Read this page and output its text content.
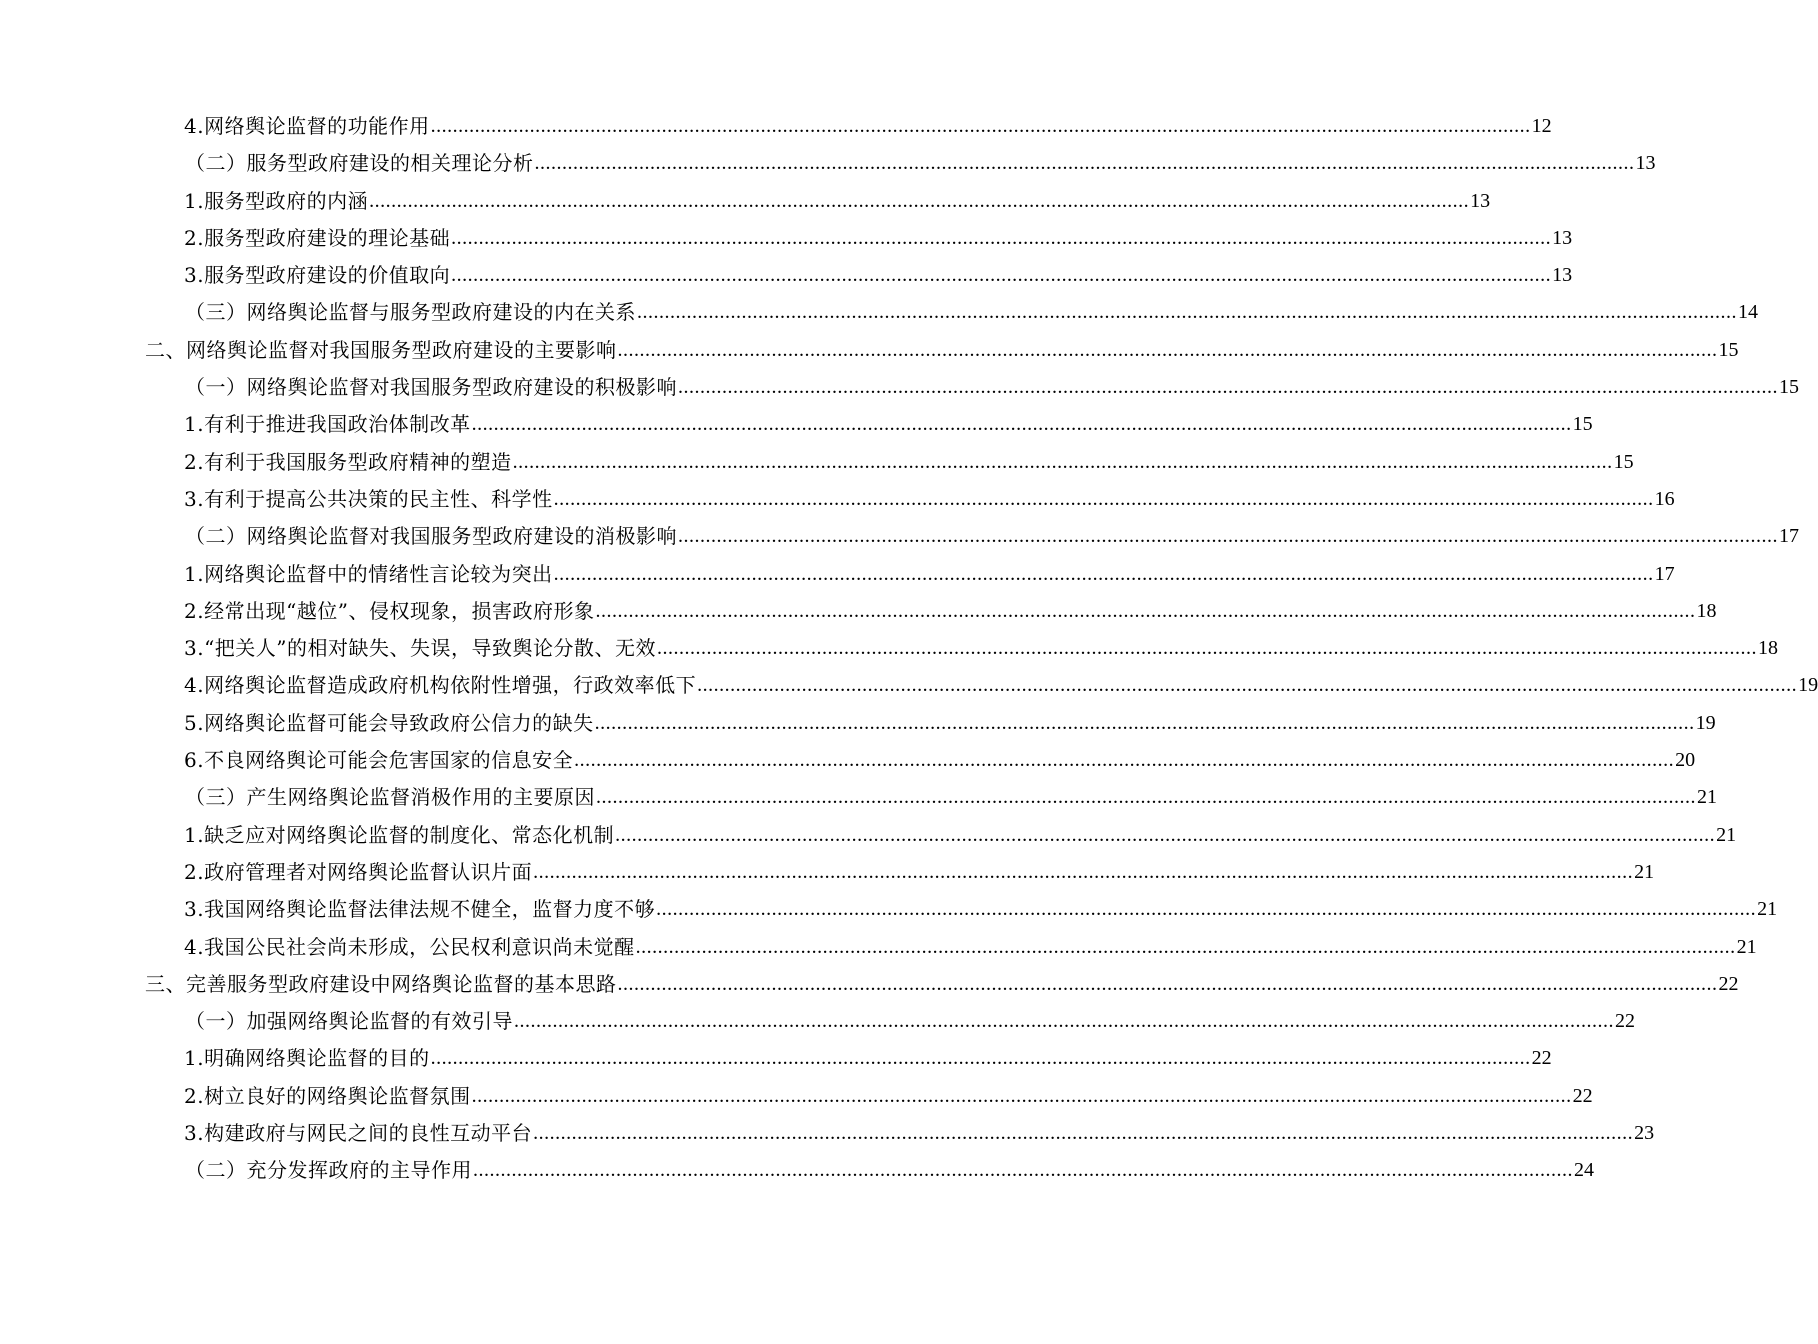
4.网络舆论监督的功能作用 ........................................................................................................................................................................................................ 12
（二）服务型政府建设的相关理论分析 ........................................................................................................................................................................................................ 13
1.服务型政府的内涵 ........................................................................................................................................................................................................ 13
2.服务型政府建设的理论基础 ........................................................................................................................................................................................................ 13
3.服务型政府建设的价值取向 ........................................................................................................................................................................................................ 13
（三）网络舆论监督与服务型政府建设的内在关系 ........................................................................................................................................................................................................ 14
二、网络舆论监督对我国服务型政府建设的主要影响 ........................................................................................................................................................................................................ 15
（一）网络舆论监督对我国服务型政府建设的积极影响 ........................................................................................................................................................................................................ 15
1.有利于推进我国政治体制改革 ........................................................................................................................................................................................................ 15
2.有利于我国服务型政府精神的塑造 ........................................................................................................................................................................................................ 15
3.有利于提高公共决策的民主性、科学性 ........................................................................................................................................................................................................ 16
（二）网络舆论监督对我国服务型政府建设的消极影响 ........................................................................................................................................................................................................ 17
1.网络舆论监督中的情绪性言论较为突出 ........................................................................................................................................................................................................ 17
2.经常出现“越位”、侵权现象，损害政府形象 ........................................................................................................................................................................................................ 18
3.“把关人”的相对缺失、失误，导致舆论分散、无效 ........................................................................................................................................................................................................ 18
4.网络舆论监督造成政府机构依附性增强，行政效率低下 ........................................................................................................................................................................................................ 19
5.网络舆论监督可能会导致政府公信力的缺失 ........................................................................................................................................................................................................ 19
6.不良网络舆论可能会危害国家的信息安全 ........................................................................................................................................................................................................ 20
（三）产生网络舆论监督消极作用的主要原因 ........................................................................................................................................................................................................ 21
1.缺乏应对网络舆论监督的制度化、常态化机制 ........................................................................................................................................................................................................ 21
2.政府管理者对网络舆论监督认识片面 ........................................................................................................................................................................................................ 21
3.我国网络舆论监督法律法规不健全，监督力度不够 ........................................................................................................................................................................................................ 21
4.我国公民社会尚未形成，公民权利意识尚未觉醒 ........................................................................................................................................................................................................ 21
三、完善服务型政府建设中网络舆论监督的基本思路 ........................................................................................................................................................................................................ 22
（一）加强网络舆论监督的有效引导 ........................................................................................................................................................................................................ 22
1.明确网络舆论监督的目的 ........................................................................................................................................................................................................ 22
2.树立良好的网络舆论监督氛围 ........................................................................................................................................................................................................ 22
3.构建政府与网民之间的良性互动平台 ........................................................................................................................................................................................................ 23
（二）充分发挥政府的主导作用 ........................................................................................................................................................................................................ 24
